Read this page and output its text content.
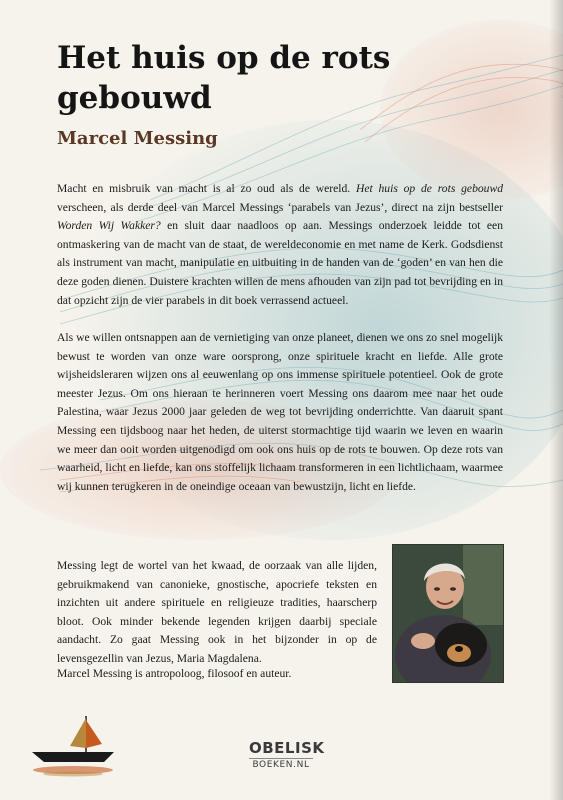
Het huis op de rots gebouwd
Marcel Messing

Macht en misbruik van macht is al zo oud als de wereld. Het huis op de rots gebouwd verscheen, als derde deel van Marcel Messings ‘parabels van Jezus’, direct na zijn bestseller Worden Wij Wakker? en sluit daar naadloos op aan. Messings onderzoek leidde tot een ontmaskering van de macht van de staat, de wereldeconomie en met name de Kerk. Godsdienst als instrument van macht, manipulatie en uitbuiting in de handen van de ‘goden’ en van hen die deze goden dienen. Duistere krachten willen de mens afhouden van zijn pad tot bevrijding en in dat opzicht zijn de vier parabels in dit boek verrassend actueel.

Als we willen ontsnappen aan de vernietiging van onze planeet, dienen we ons zo snel mogelijk bewust te worden van onze ware oorsprong, onze spirituele kracht en liefde. Alle grote wijsheidsleraren wijzen ons al eeuwenlang op ons immense spirituele potentieel. Ook de grote meester Jezus. Om ons hieraan te herinneren voert Messing ons daarom mee naar het oude Palestina, waar Jezus 2000 jaar geleden de weg tot bevrijding onderrichtte. Van daaruit spant Messing een tijdsboog naar het heden, de uiterst stormachtige tijd waarin we leven en waarin we meer dan ooit worden uitgenodigd om ook ons huis op de rots te bouwen. Op deze rots van waarheid, licht en liefde, kan ons stoffelijk lichaam transformeren in een lichtlichaam, waarmee wij kunnen terugkeren in de oneindige oceaan van bewustzijn, licht en liefde.

Messing legt de wortel van het kwaad, de oorzaak van alle lijden, gebruikmakend van canonieke, gnostische, apocriefe teksten en inzichten uit andere spirituele en religieuze tradities, haarscherp bloot. Ook minder bekende legenden krijgen daarbij speciale aandacht. Zo gaat Messing ook in het bijzonder in op de levensgezellin van Jezus, Maria Magdalena.

Marcel Messing is antropoloog, filosoof en auteur.

OBELISK
BOEKEN.NL
